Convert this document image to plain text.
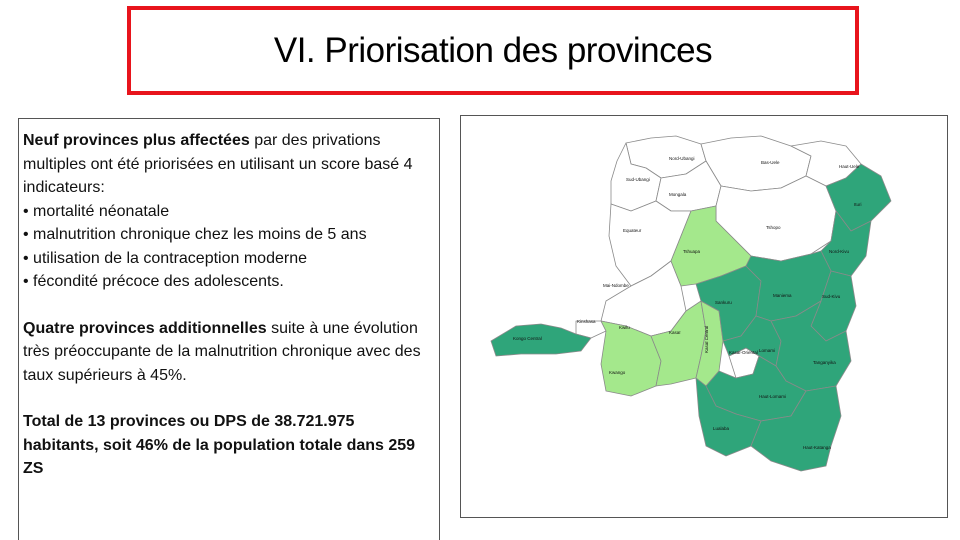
VI. Priorisation des provinces

Neuf provinces plus affectées par des privations multiples ont été priorisées en utilisant un score basé 4 indicateurs:

• mortalité néonatale

• malnutrition chronique chez les moins de 5 ans

• utilisation de la contraception moderne

• fécondité précoce des adolescents.

Quatre provinces additionnelles suite à une évolution très préoccupante de la malnutrition chronique avec des taux supérieurs à 45%.

Total de 13 provinces ou DPS de 38.721.975 habitants, soit 46% de la population totale dans 259 ZS

Nord-Ubangi
Bas-Uele
Haut-Uele
Sud-Ubangi
Mongala
Ituri
Equateur
Tshopo
Tshuapa	Nord-Kivu
Mai-Ndombe
Sankuru
Maniema	Sud-Kivu
Kinshasa
Kongo Central
Kwilu
Kasaï	Kasaï Central	Kasaï-Oriental Lomami
Kwango
Tanganyika
Haut-Lomami
Lualaba
Haut-Katanga
